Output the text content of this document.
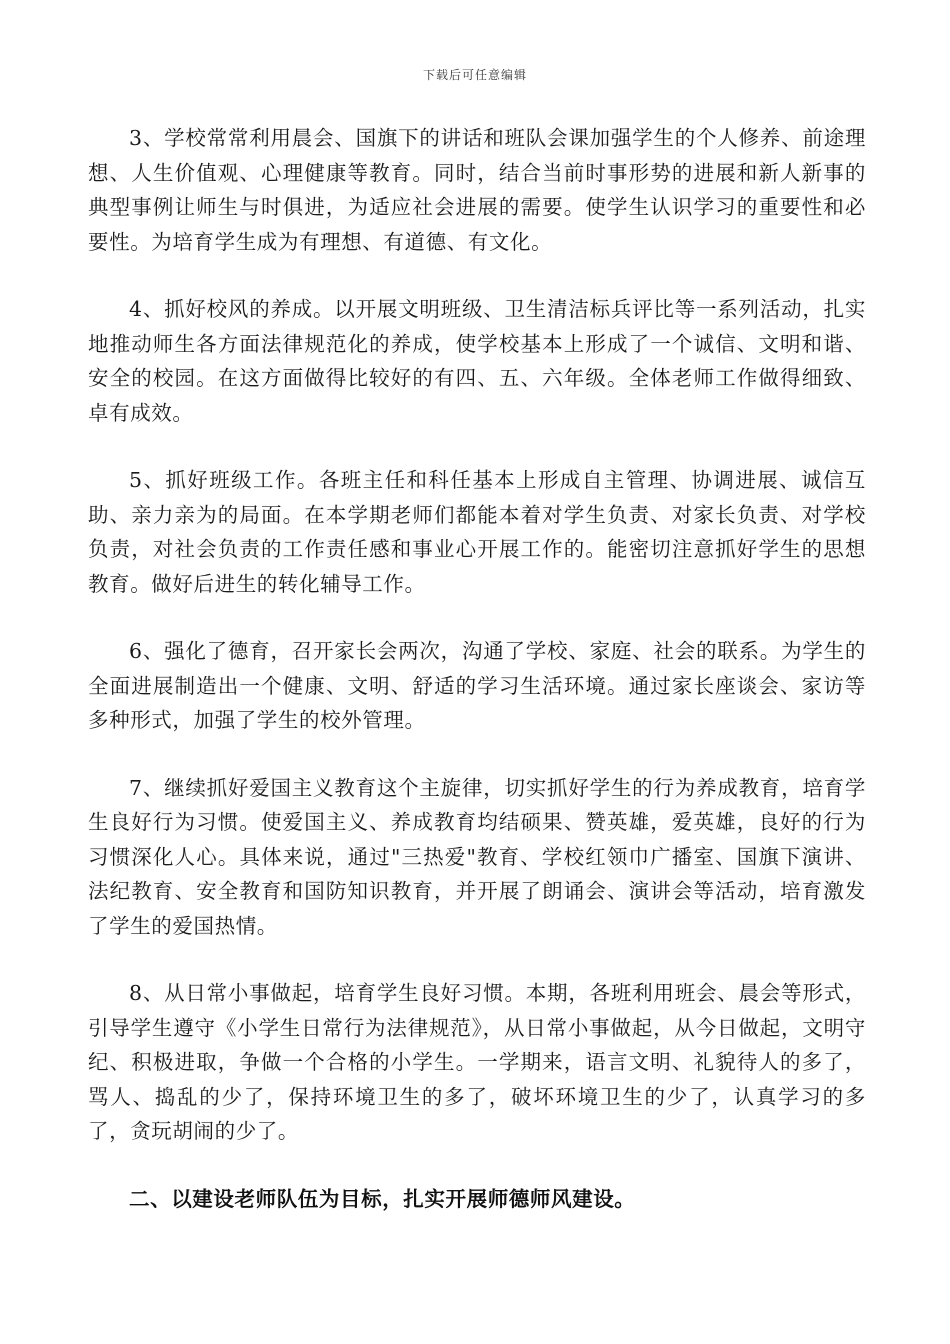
下载后可任意编辑

3、学校常常利用晨会、国旗下的讲话和班队会课加强学生的个人修养、前途理想、人生价值观、心理健康等教育。同时，结合当前时事形势的进展和新人新事的典型事例让师生与时俱进，为适应社会进展的需要。使学生认识学习的重要性和必要性。为培育学生成为有理想、有道德、有文化。

4、抓好校风的养成。以开展文明班级、卫生清洁标兵评比等一系列活动，扎实地推动师生各方面法律规范化的养成，使学校基本上形成了一个诚信、文明和谐、安全的校园。在这方面做得比较好的有四、五、六年级。全体老师工作做得细致、卓有成效。

5、抓好班级工作。各班主任和科任基本上形成自主管理、协调进展、诚信互助、亲力亲为的局面。在本学期老师们都能本着对学生负责、对家长负责、对学校负责，对社会负责的工作责任感和事业心开展工作的。能密切注意抓好学生的思想教育。做好后进生的转化辅导工作。

6、强化了德育，召开家长会两次，沟通了学校、家庭、社会的联系。为学生的全面进展制造出一个健康、文明、舒适的学习生活环境。通过家长座谈会、家访等多种形式，加强了学生的校外管理。

7、继续抓好爱国主义教育这个主旋律，切实抓好学生的行为养成教育，培育学生良好行为习惯。使爱国主义、养成教育均结硕果、赞英雄，爱英雄，良好的行为习惯深化人心。具体来说，通过"三热爱"教育、学校红领巾广播室、国旗下演讲、法纪教育、安全教育和国防知识教育，并开展了朗诵会、演讲会等活动，培育激发了学生的爱国热情。

8、从日常小事做起，培育学生良好习惯。本期，各班利用班会、晨会等形式，引导学生遵守《小学生日常行为法律规范》，从日常小事做起，从今日做起，文明守纪、积极进取，争做一个合格的小学生。一学期来，语言文明、礼貌待人的多了，骂人、捣乱的少了，保持环境卫生的多了，破坏环境卫生的少了，认真学习的多了，贪玩胡闹的少了。

二、以建设老师队伍为目标，扎实开展师德师风建设。
